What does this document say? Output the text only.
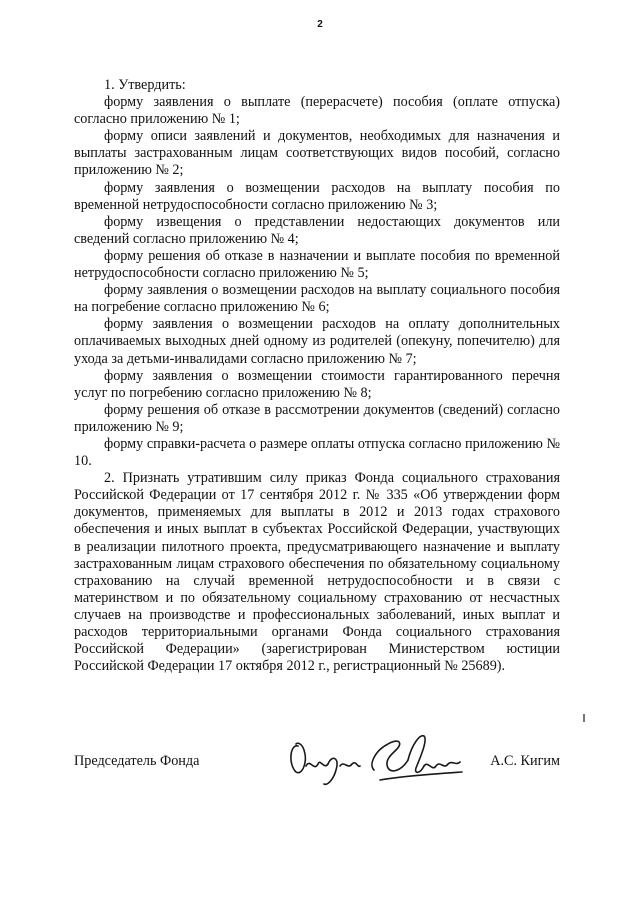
2

1. Утвердить:

форму заявления о выплате (перерасчете) пособия (оплате отпуска) согласно приложению № 1;

форму описи заявлений и документов, необходимых для назначения и выплаты застрахованным лицам соответствующих видов пособий, согласно приложению № 2;

форму заявления о возмещении расходов на выплату пособия по временной нетрудоспособности согласно приложению № 3;

форму извещения о представлении недостающих документов или сведений согласно приложению № 4;

форму решения об отказе в назначении и выплате пособия по временной нетрудоспособности согласно приложению № 5;

форму заявления о возмещении расходов на выплату социального пособия на погребение согласно приложению № 6;

форму заявления о возмещении расходов на оплату дополнительных оплачиваемых выходных дней одному из родителей (опекуну, попечителю) для ухода за детьми-инвалидами согласно приложению № 7;

форму заявления о возмещении стоимости гарантированного перечня услуг по погребению согласно приложению № 8;

форму решения об отказе в рассмотрении документов (сведений) согласно приложению № 9;

форму справки-расчета о размере оплаты отпуска согласно приложению № 10.

2. Признать утратившим силу приказ Фонда социального страхования Российской Федерации от 17 сентября 2012 г. № 335 «Об утверждении форм документов, применяемых для выплаты в 2012 и 2013 годах страхового обеспечения и иных выплат в субъектах Российской Федерации, участвующих в реализации пилотного проекта, предусматривающего назначение и выплату застрахованным лицам страхового обеспечения по обязательному социальному страхованию на случай временной нетрудоспособности и в связи с материнством и по обязательному социальному страхованию от несчастных случаев на производстве и профессиональных заболеваний, иных выплат и расходов территориальными органами Фонда социального страхования Российской Федерации» (зарегистрирован Министерством юстиции Российской Федерации 17 октября 2012 г., регистрационный № 25689).

Председатель Фонда	А.С. Кигим
